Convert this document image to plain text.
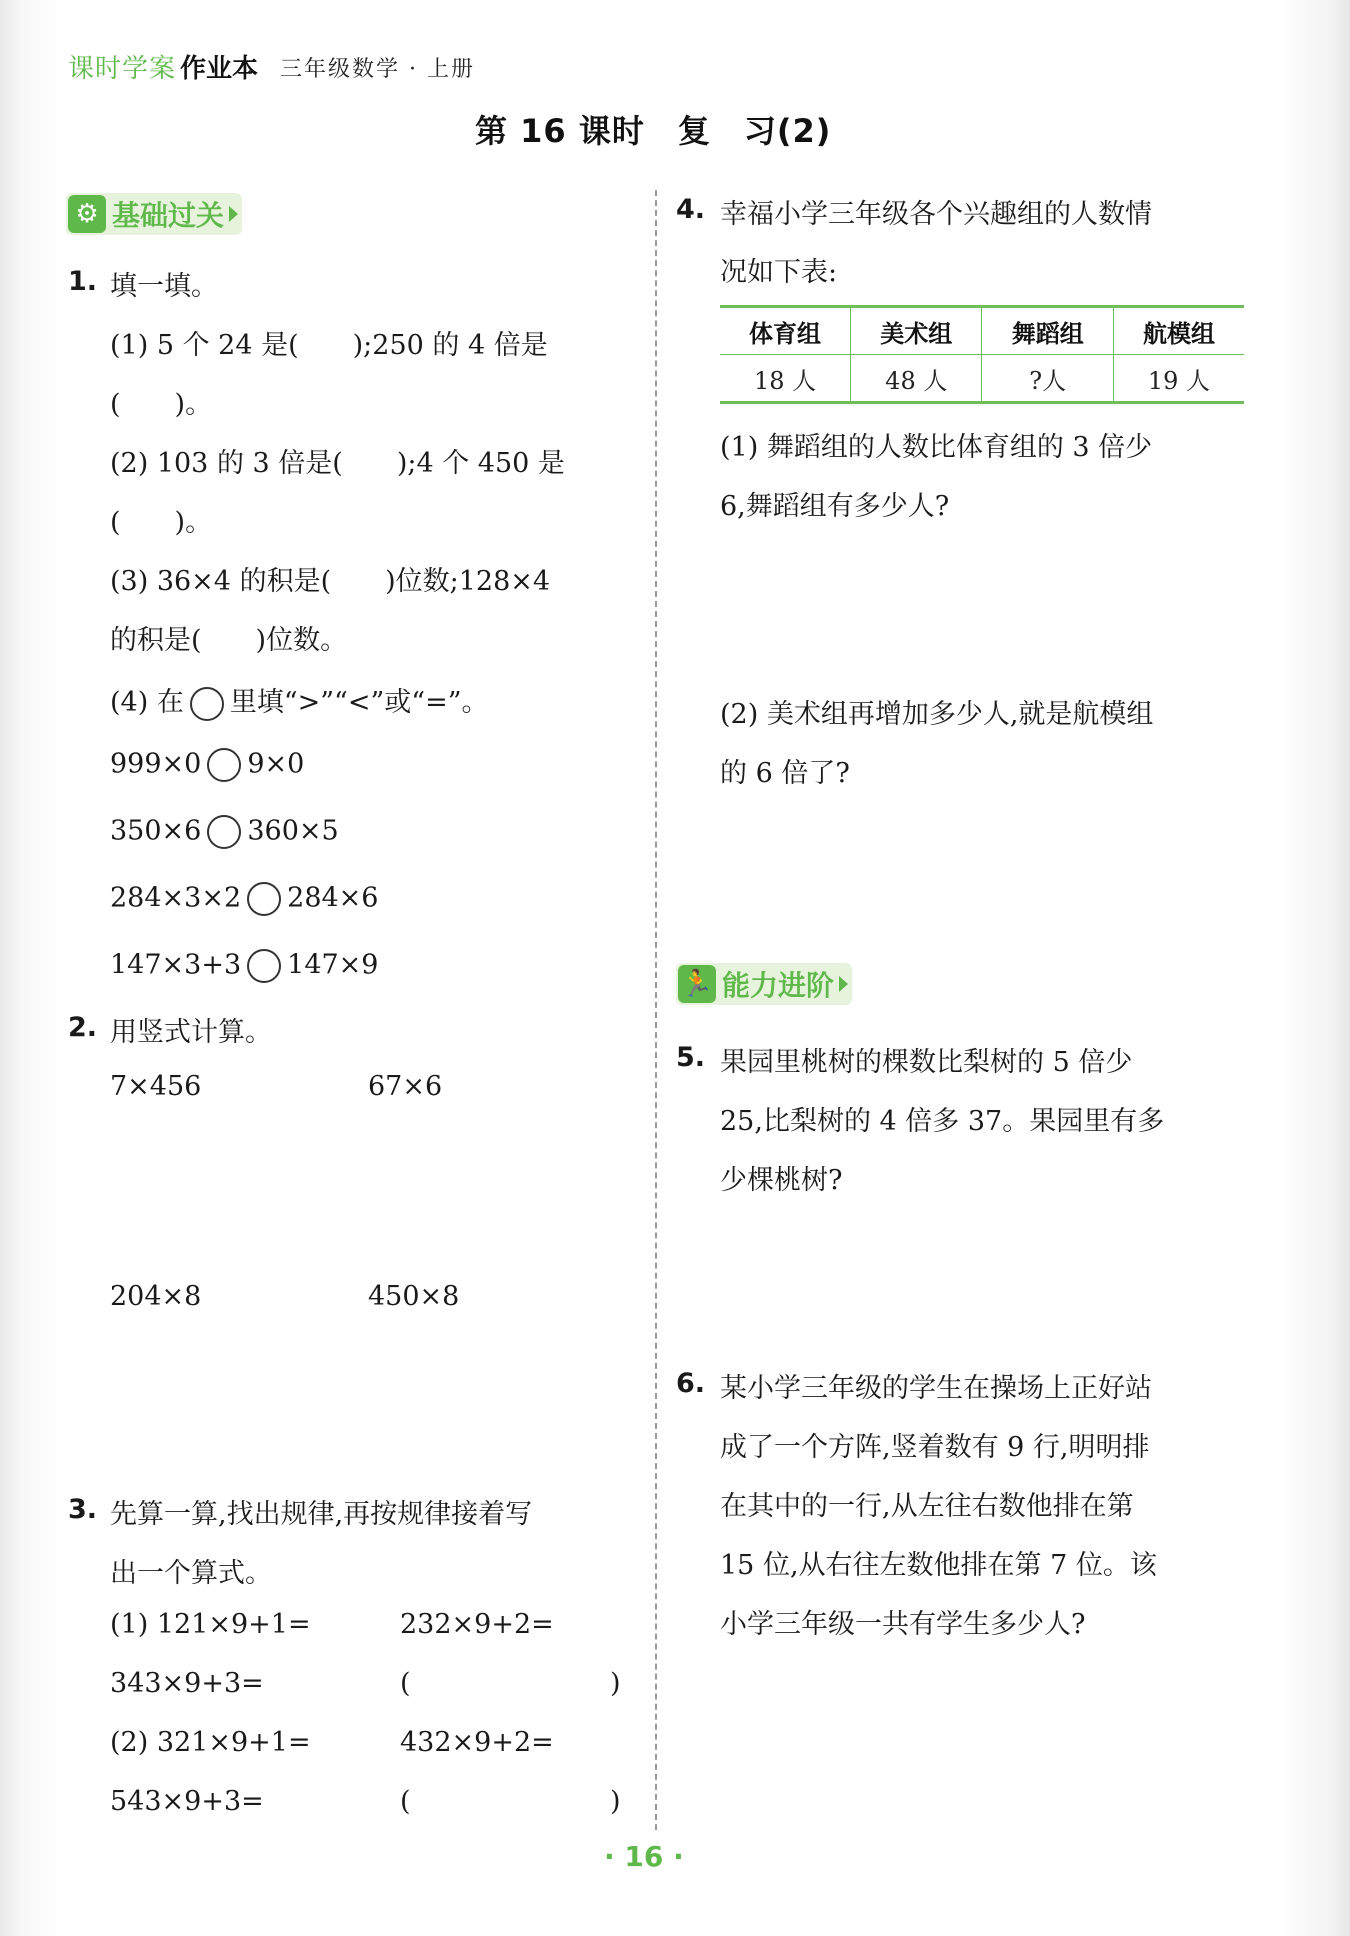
课时学案 作业本 三年级数学 · 上册
第 16 课时　复　习(2)
⚙ 基础过关
1. 填一填。
(1) 5 个 24 是(　　);250 的 4 倍是
(　　)。
(2) 103 的 3 倍是(　　);4 个 450 是
(　　)。
(3) 36×4 的积是(　　)位数;128×4
的积是(　　)位数。
(4) 在 里填“>”“<”或“=”。
999×0 9×0
350×6 360×5
284×3×2 284×6
147×3+3 147×9
2. 用竖式计算。
7×456	67×6
204×8	450×8
3. 先算一算,找出规律,再按规律接着写
出一个算式。
(1) 121×9+1=	232×9+2=
343×9+3=	(	)
(2) 321×9+1=	432×9+2=
543×9+3=	(	)
4. 幸福小学三年级各个兴趣组的人数情
况如下表:
体育组	美术组	舞蹈组	航模组
18 人	48 人	?人	19 人
(1) 舞蹈组的人数比体育组的 3 倍少
6,舞蹈组有多少人?
(2) 美术组再增加多少人,就是航模组
的 6 倍了?
🏃 能力进阶
5. 果园里桃树的棵数比梨树的 5 倍少
25,比梨树的 4 倍多 37。果园里有多
少棵桃树?
6. 某小学三年级的学生在操场上正好站
成了一个方阵,竖着数有 9 行,明明排
在其中的一行,从左往右数他排在第
15 位,从右往左数他排在第 7 位。该
小学三年级一共有学生多少人?
· 16 ·
